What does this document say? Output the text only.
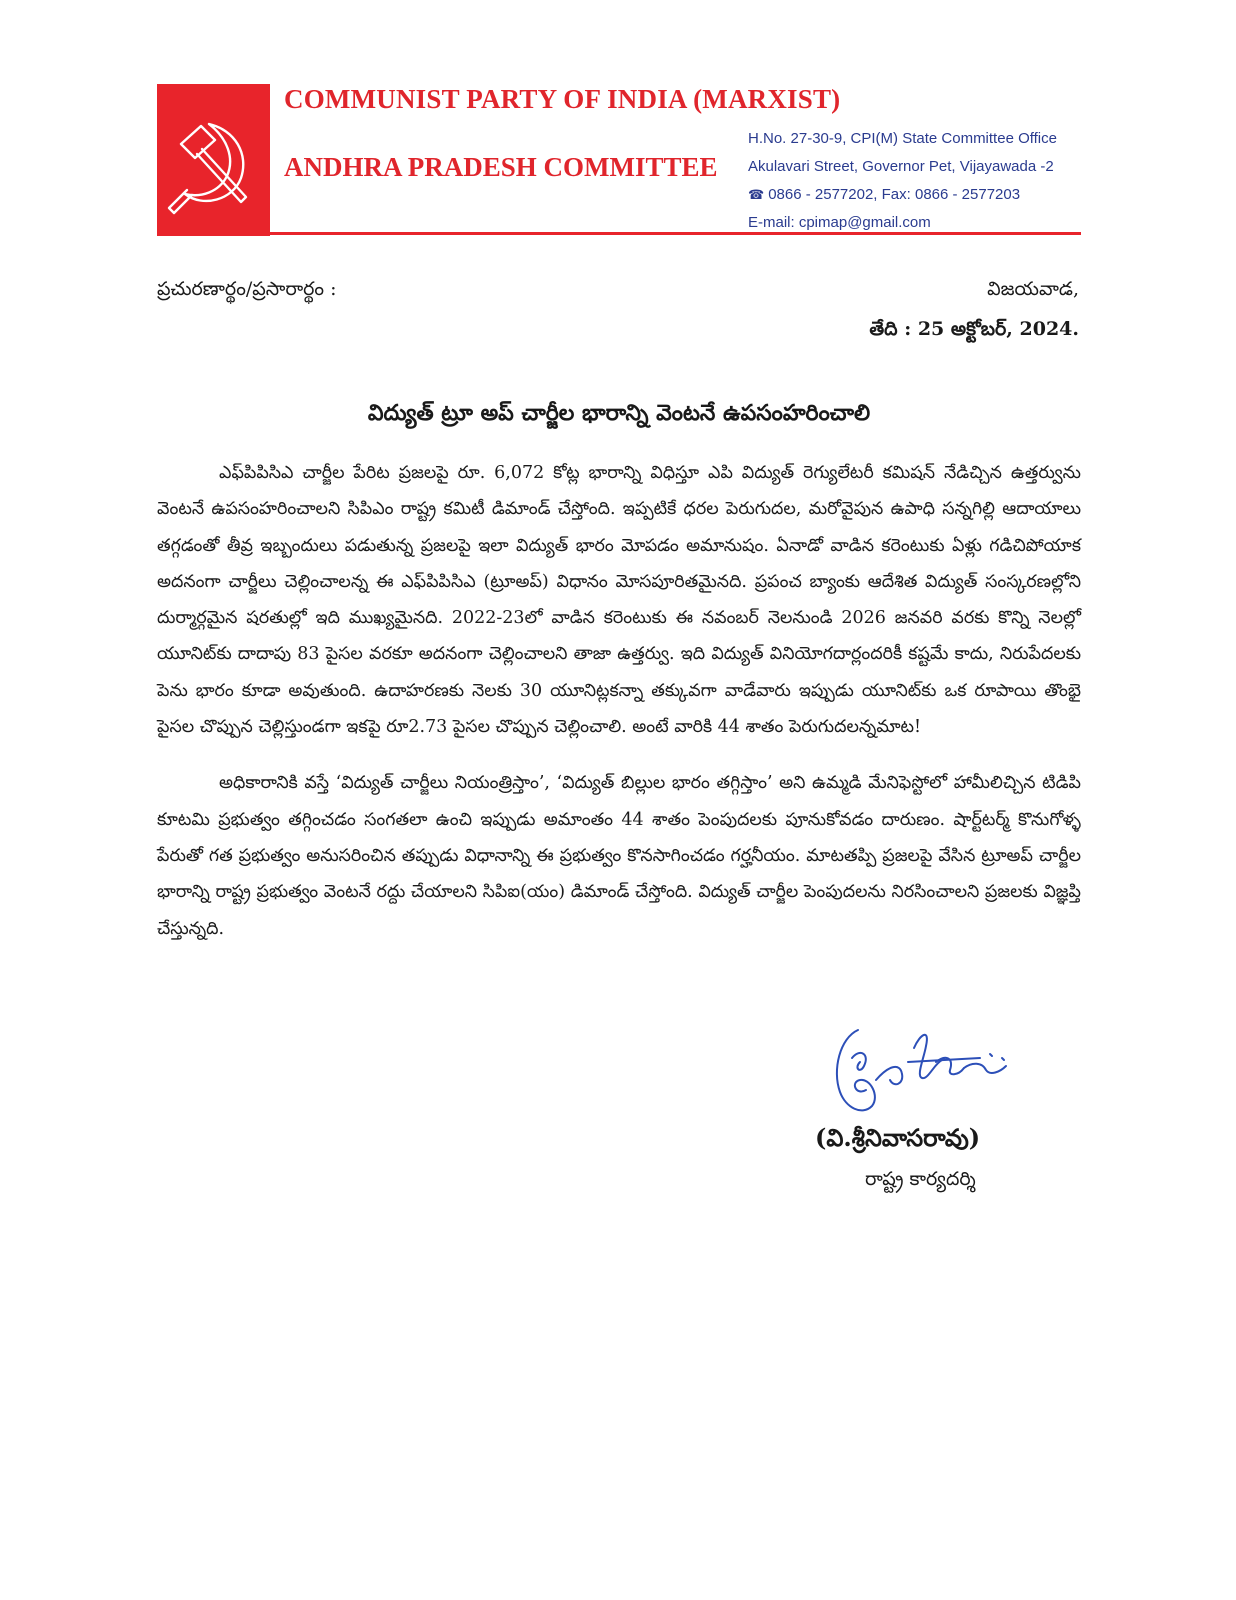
COMMUNIST PARTY OF INDIA (MARXIST)
ANDHRA PRADESH COMMITTEE
H.No. 27-30-9, CPI(M) State Committee Office
Akulavari Street, Governor Pet, Vijayawada -2
☎ 0866 - 2577202, Fax: 0866 - 2577203
E-mail: cpimap@gmail.com
ప్రచురణార్థం/ప్రసారార్థం :	విజయవాడ,
తేది : 25 అక్టోబర్, 2024.
విద్యుత్ ట్రూ అప్ చార్జీల భారాన్ని వెంటనే ఉపసంహరించాలి

ఎఫ్‌పిపిసిఎ చార్జీల పేరిట ప్రజలపై రూ. 6,072 కోట్ల భారాన్ని విధిస్తూ ఎపి విద్యుత్ రెగ్యులేటరీ కమిషన్ నేడిచ్చిన ఉత్తర్వును వెంటనే ఉపసంహరించాలని సిపిఎం రాష్ట్ర కమిటీ డిమాండ్ చేస్తోంది. ఇప్పటికే ధరల పెరుగుదల, మరోవైపున ఉపాధి సన్నగిల్లి ఆదాయాలు తగ్గడంతో తీవ్ర ఇబ్బందులు పడుతున్న ప్రజలపై ఇలా విద్యుత్ భారం మోపడం అమానుషం. ఏనాడో వాడిన కరెంటుకు ఏళ్లు గడిచిపోయాక అదనంగా చార్జీలు చెల్లించాలన్న ఈ ఎఫ్‌పిపిసిఎ (ట్రూఅప్) విధానం మోసపూరితమైనది. ప్రపంచ బ్యాంకు ఆదేశిత విద్యుత్ సంస్కరణల్లోని దుర్మార్గమైన షరతుల్లో ఇది ముఖ్యమైనది. 2022-23లో వాడిన కరెంటుకు ఈ నవంబర్ నెలనుండి 2026 జనవరి వరకు కొన్ని నెలల్లో యూనిట్‌కు దాదాపు 83 పైసల వరకూ అదనంగా చెల్లించాలని తాజా ఉత్తర్వు. ఇది విద్యుత్ వినియోగదార్లందరికీ కష్టమే కాదు, నిరుపేదలకు పెను భారం కూడా అవుతుంది. ఉదాహరణకు నెలకు 30 యూనిట్లకన్నా తక్కువగా వాడేవారు ఇప్పుడు యూనిట్‌కు ఒక రూపాయి తొంభై పైసల చొప్పున చెల్లిస్తుండగా ఇకపై రూ2.73 పైసల చొప్పున చెల్లించాలి. అంటే వారికి 44 శాతం పెరుగుదలన్నమాట!

అధికారానికి వస్తే ‘విద్యుత్ చార్జీలు నియంత్రిస్తాం’, ‘విద్యుత్ బిల్లుల భారం తగ్గిస్తాం’ అని ఉమ్మడి మేనిఫెస్టోలో హామీలిచ్చిన టిడిపి కూటమి ప్రభుత్వం తగ్గించడం సంగతలా ఉంచి ఇప్పుడు అమాంతం 44 శాతం పెంపుదలకు పూనుకోవడం దారుణం. షార్ట్‌టర్మ్ కొనుగోళ్ళ పేరుతో గత ప్రభుత్వం అనుసరించిన తప్పుడు విధానాన్ని ఈ ప్రభుత్వం కొనసాగించడం గర్హనీయం. మాటతప్పి ప్రజలపై వేసిన ట్రూఅప్ చార్జీల భారాన్ని రాష్ట్ర ప్రభుత్వం వెంటనే రద్దు చేయాలని సిపిఐ(యం) డిమాండ్ చేస్తోంది. విద్యుత్ చార్జీల పెంపుదలను నిరసించాలని ప్రజలకు విజ్ఞప్తి చేస్తున్నది.

(వి.శ్రీనివాసరావు)
రాష్ట్ర కార్యదర్శి
